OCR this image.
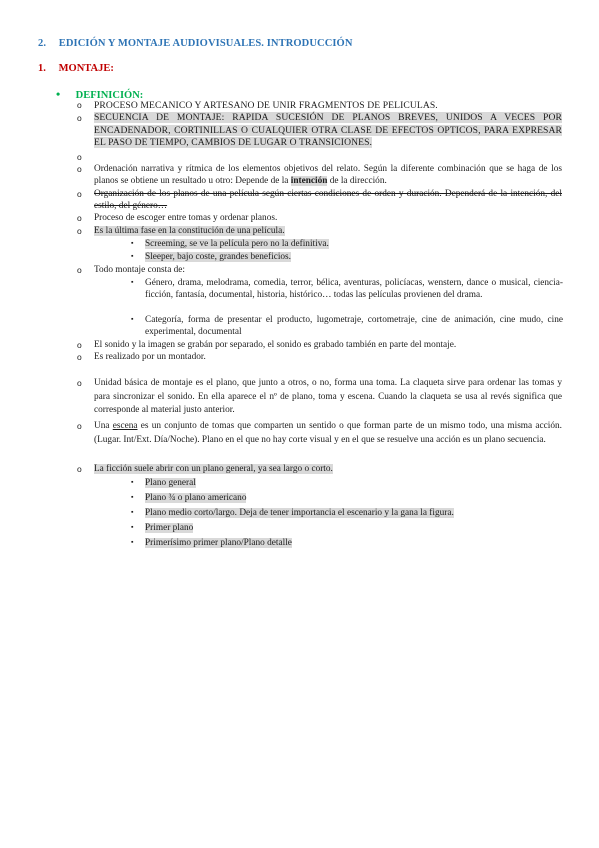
2. EDICIÓN Y MONTAJE AUDIOVISUALES. INTRODUCCIÓN
1. MONTAJE:
• DEFINICIÓN:
o PROCESO MECANICO Y ARTESANO DE UNIR FRAGMENTOS DE PELICULAS.
o SECUENCIA DE MONTAJE: RAPIDA SUCESIÓN DE PLANOS BREVES, UNIDOS A VECES POR ENCADENADOR, CORTINILLAS O CUALQUIER OTRA CLASE DE EFECTOS OPTICOS, PARA EXPRESAR EL PASO DE TIEMPO, CAMBIOS DE LUGAR O TRANSICIONES.
o
o Ordenación narrativa y rítmica de los elementos objetivos del relato. Según la diferente combinación que se haga de los planos se obtiene un resultado u otro: Depende de la intención de la dirección.
o Organización de los planos de una película según ciertas condiciones de orden y duración. Dependerá de la intención, del estilo, del género…
o Proceso de escoger entre tomas y ordenar planos.
o Es la última fase en la constitución de una película.
▪ Screeming, se ve la película pero no la definitiva.
▪ Sleeper, bajo coste, grandes beneficios.
o Todo montaje consta de:
▪ Género, drama, melodrama, comedia, terror, bélica, aventuras, policíacas, wenstern, dance o musical, ciencia-ficción, fantasía, documental, historia, histórico… todas las películas provienen del drama.
▪ Categoría, forma de presentar el producto, lugometraje, cortometraje, cine de animación, cine mudo, cine experimental, documental
o El sonido y la imagen se grabán por separado, el sonido es grabado también en parte del montaje.
o Es realizado por un montador.
o Unidad básica de montaje es el plano, que junto a otros, o no, forma una toma. La claqueta sirve para ordenar las tomas y para sincronizar el sonido. En ella aparece el nº de plano, toma y escena. Cuando la claqueta se usa al revés significa que corresponde al material justo anterior.
o Una escena es un conjunto de tomas que comparten un sentido o que forman parte de un mismo todo, una misma acción. (Lugar. Int/Ext. Día/Noche). Plano en el que no hay corte visual y en el que se resuelve una acción es un plano secuencia.
o La ficción suele abrir con un plano general, ya sea largo o corto.
▪ Plano general
▪ Plano ¾ o plano americano
▪ Plano medio corto/largo. Deja de tener importancia el escenario y la gana la figura.
▪ Primer plano
▪ Primerísimo primer plano/Plano detalle
